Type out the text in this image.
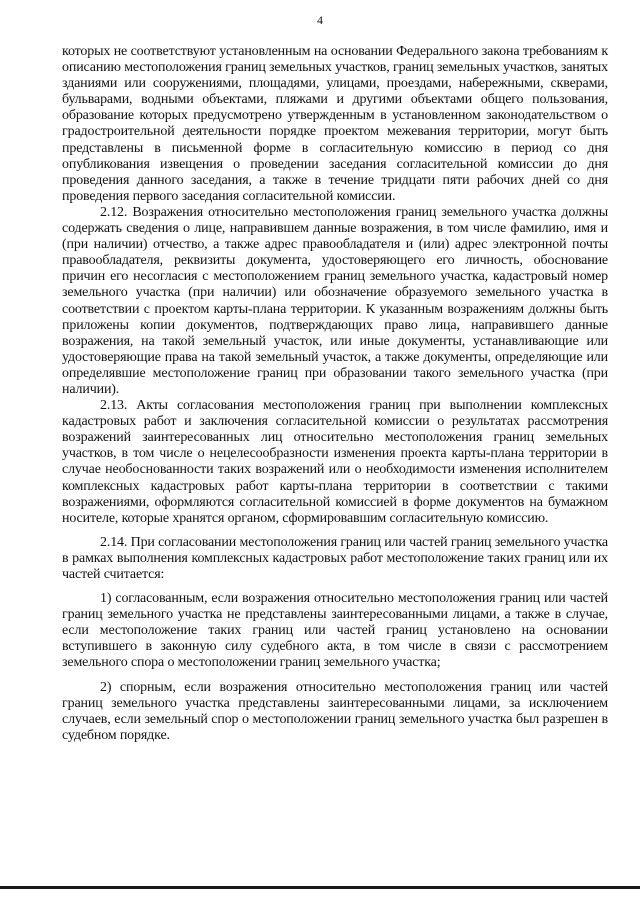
4

которых не соответствуют установленным на основании Федерального закона требованиям к описанию местоположения границ земельных участков, границ земельных участков, занятых зданиями или сооружениями, площадями, улицами, проездами, набережными, скверами, бульварами, водными объектами, пляжами и другими объектами общего пользования, образование которых предусмотрено утвержденным в установленном законодательством о градостроительной деятельности порядке проектом межевания территории, могут быть представлены в письменной форме в согласительную комиссию в период со дня опубликования извещения о проведении заседания согласительной комиссии до дня проведения данного заседания, а также в течение тридцати пяти рабочих дней со дня проведения первого заседания согласительной комиссии.

2.12. Возражения относительно местоположения границ земельного участка должны содержать сведения о лице, направившем данные возражения, в том числе фамилию, имя и (при наличии) отчество, а также адрес правообладателя и (или) адрес электронной почты правообладателя, реквизиты документа, удостоверяющего его личность, обоснование причин его несогласия с местоположением границ земельного участка, кадастровый номер земельного участка (при наличии) или обозначение образуемого земельного участка в соответствии с проектом карты-плана территории. К указанным возражениям должны быть приложены копии документов, подтверждающих право лица, направившего данные возражения, на такой земельный участок, или иные документы, устанавливающие или удостоверяющие права на такой земельный участок, а также документы, определяющие или определявшие местоположение границ при образовании такого земельного участка (при наличии).

2.13. Акты согласования местоположения границ при выполнении комплексных кадастровых работ и заключения согласительной комиссии о результатах рассмотрения возражений заинтересованных лиц относительно местоположения границ земельных участков, в том числе о нецелесообразности изменения проекта карты-плана территории в случае необоснованности таких возражений или о необходимости изменения исполнителем комплексных кадастровых работ карты-плана территории в соответствии с такими возражениями, оформляются согласительной комиссией в форме документов на бумажном носителе, которые хранятся органом, сформировавшим согласительную комиссию.

2.14. При согласовании местоположения границ или частей границ земельного участка в рамках выполнения комплексных кадастровых работ местоположение таких границ или их частей считается:

1) согласованным, если возражения относительно местоположения границ или частей границ земельного участка не представлены заинтересованными лицами, а также в случае, если местоположение таких границ или частей границ установлено на основании вступившего в законную силу судебного акта, в том числе в связи с рассмотрением земельного спора о местоположении границ земельного участка;

2) спорным, если возражения относительно местоположения границ или частей границ земельного участка представлены заинтересованными лицами, за исключением случаев, если земельный спор о местоположении границ земельного участка был разрешен в судебном порядке.
